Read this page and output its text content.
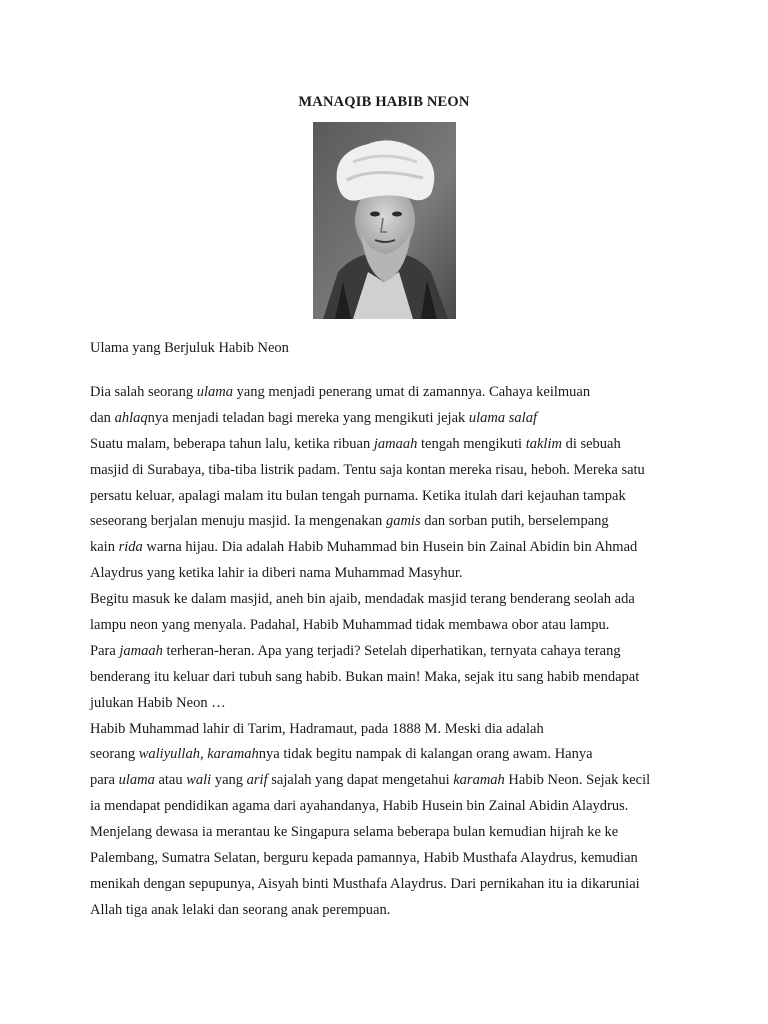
MANAQIB HABIB NEON
Ulama yang Berjuluk Habib Neon
Dia salah seorang ulama yang menjadi penerang umat di zamannya. Cahaya keilmuan
dan ahlaqnya menjadi teladan bagi mereka yang mengikuti jejak ulama salaf
Suatu malam, beberapa tahun lalu, ketika ribuan jamaah tengah mengikuti taklim di sebuah
masjid di Surabaya, tiba-tiba listrik padam. Tentu saja kontan mereka risau, heboh. Mereka satu
persatu keluar, apalagi malam itu bulan tengah purnama. Ketika itulah dari kejauhan tampak
seseorang berjalan menuju masjid. Ia mengenakan gamis dan sorban putih, berselempang
kain rida warna hijau. Dia adalah Habib Muhammad bin Husein bin Zainal Abidin bin Ahmad
Alaydrus yang ketika lahir ia diberi nama Muhammad Masyhur.
Begitu masuk ke dalam masjid, aneh bin ajaib, mendadak masjid terang benderang seolah ada
lampu neon yang menyala. Padahal, Habib Muhammad tidak membawa obor atau lampu.
Para jamaah terheran-heran. Apa yang terjadi? Setelah diperhatikan, ternyata cahaya terang
benderang itu keluar dari tubuh sang habib. Bukan main! Maka, sejak itu sang habib mendapat
julukan Habib Neon …
Habib Muhammad lahir di Tarim, Hadramaut, pada 1888 M. Meski dia adalah
seorang waliyullah, karamahnya tidak begitu nampak di kalangan orang awam. Hanya
para ulama atau wali yang arif sajalah yang dapat mengetahui karamah Habib Neon. Sejak kecil
ia mendapat pendidikan agama dari ayahandanya, Habib Husein bin Zainal Abidin Alaydrus.
Menjelang dewasa ia merantau ke Singapura selama beberapa bulan kemudian hijrah ke ke
Palembang, Sumatra Selatan, berguru kepada pamannya, Habib Musthafa Alaydrus, kemudian
menikah dengan sepupunya, Aisyah binti Musthafa Alaydrus. Dari pernikahan itu ia dikaruniai
Allah tiga anak lelaki dan seorang anak perempuan.
